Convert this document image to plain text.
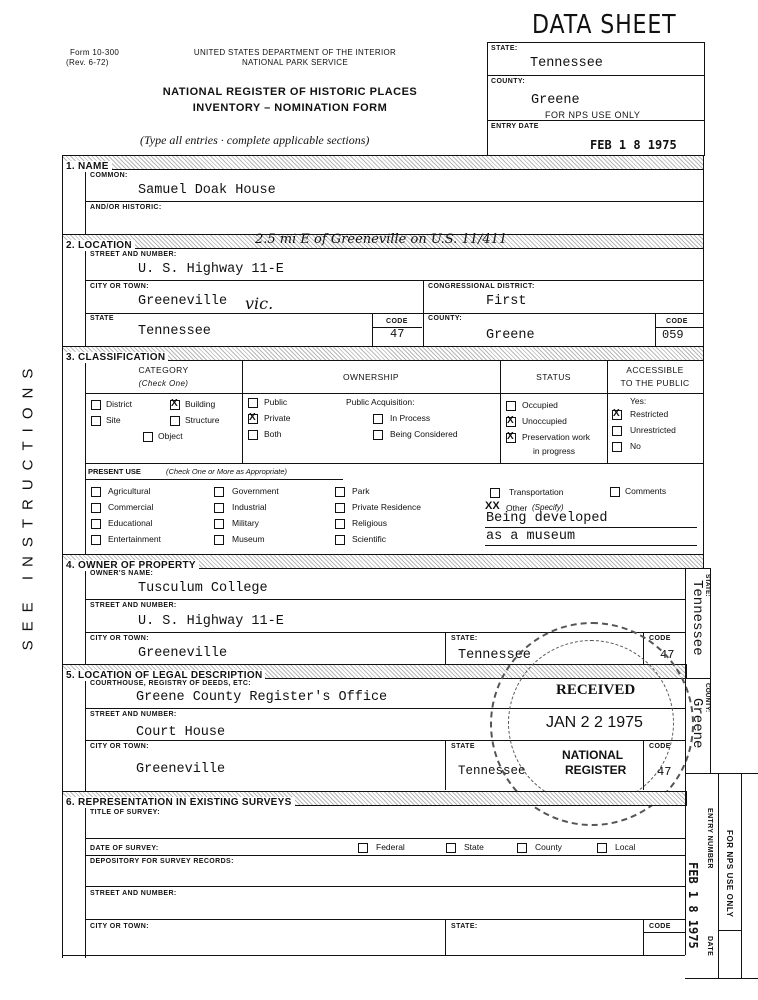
Form 10-300
(Rev. 6-72)
UNITED STATES DEPARTMENT OF THE INTERIOR
NATIONAL PARK SERVICE
NATIONAL REGISTER OF HISTORIC PLACES
INVENTORY – NOMINATION FORM
(Type all entries · complete applicable sections)
DATA SHEET
STATE:
Tennessee
COUNTY:
Greene
FOR NPS USE ONLY
ENTRY DATE
FEB 1 8 1975
SEE INSTRUCTIONS
1. NAME
COMMON:
Samuel Doak House
AND/OR HISTORIC:
2. LOCATION	2.5 mi E of Greeneville on U.S. 11/411
STREET AND NUMBER:
U. S. Highway 11-E
CITY OR TOWN:
Greeneville vic.
CONGRESSIONAL DISTRICT:
First
STATE
Tennessee
CODE
47
COUNTY:
Greene
CODE
059
3. CLASSIFICATION
CATEGORY
(Check One)
OWNERSHIP	STATUS
ACCESSIBLE
TO THE PUBLIC
District
X	Building
Site	Structure
Object
Public
X
Private
Both
Public Acquisition:
In Process
Being Considered
Occupied
X
Unoccupied
X
Preservation work
in progress
Yes:
X
Restricted
Unrestricted
No
PRESENT USE	(Check One or More as Appropriate)
Agricultural
Commercial
Educational
Entertainment
Government
Industrial
Military
Museum
Park
Private Residence
Religious
Scientific
Transportation
XX Other (Specify)
Being developed
as a museum
Comments
4. OWNER OF PROPERTY
OWNER'S NAME:
Tusculum College
STREET AND NUMBER:
U. S. Highway 11-E
CITY OR TOWN:
Greeneville
STATE:
Tennessee
CODE
47
5. LOCATION OF LEGAL DESCRIPTION
COURTHOUSE, REGISTRY OF DEEDS, ETC:
Greene County Register's Office
STREET AND NUMBER:
Court House
CITY OR TOWN:
Greeneville
STATE
Tennessee
CODE
47
RECEIVED
JAN 2 2 1975
NATIONAL
REGISTER
6. REPRESENTATION IN EXISTING SURVEYS
TITLE OF SURVEY:
DATE OF SURVEY:	Federal	State	County	Local
DEPOSITORY FOR SURVEY RECORDS:
STREET AND NUMBER:
CITY OR TOWN:	STATE:	CODE
STATE:
Tennessee
COUNTY:
Greene
ENTRY NUMBER
DATE
FOR NPS USE ONLY
FEB 1 8 1975
